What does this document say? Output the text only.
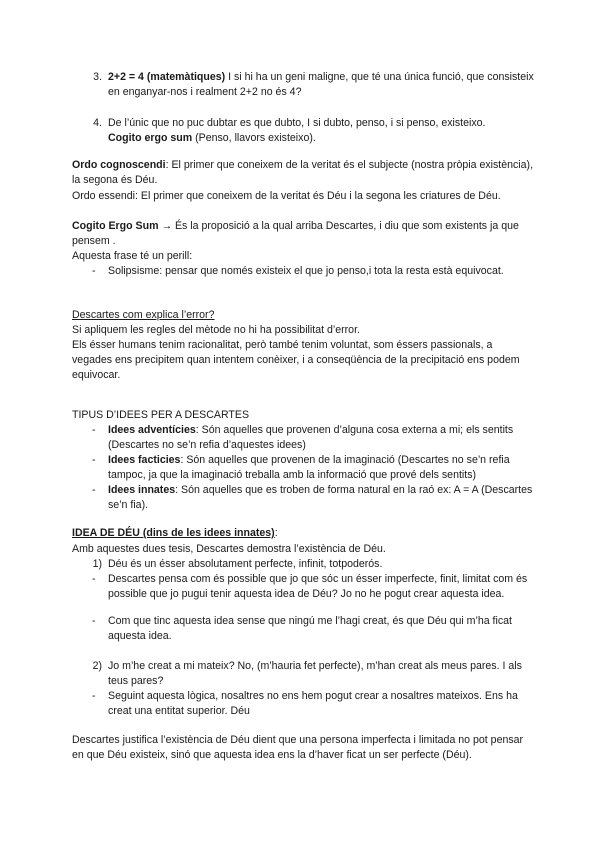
3. 2+2 = 4 (matemàtiques) I si hi ha un geni maligne, que té una única funció, que consisteix en enganyar-nos i realment 2+2 no és 4?
4. De l’únic que no puc dubtar es que dubto, I si dubto, penso, i si penso, existeixo.
Cogito ergo sum (Penso, llavors existeixo).
Ordo cognoscendi: El primer que coneixem de la veritat és el subjecte (nostra pròpia existència), la segona és Déu.
Ordo essendi: El primer que coneixem de la veritat és Déu i la segona les criatures de Déu.
Cogito Ergo Sum → És la proposició a la qual arriba Descartes, i diu que som existents ja que pensem .
Aquesta frase té un perill:
- Solipsisme: pensar que només existeix el que jo penso,i tota la resta està equivocat.
Descartes com explica l’error?
Si apliquem les regles del mètode no hi ha possibilitat d’error.
Els ésser humans tenim racionalitat, però també tenim voluntat, som éssers passionals, a vegades ens precipitem quan intentem conèixer, i a conseqüència de la precipitació ens podem equivocar.
TIPUS D’IDEES PER A DESCARTES
- Idees adventícies: Són aquelles que provenen d’alguna cosa externa a mi; els sentits (Descartes no se’n refia d’aquestes idees)
- Idees facticies: Són aquelles que provenen de la imaginació (Descartes no se’n refia tampoc, ja que la imaginació treballa amb la informació que prové dels sentits)
- Idees innates: Són aquelles que es troben de forma natural en la raó ex: A = A (Descartes se’n fia).
IDEA DE DÉU (dins de les idees innates):
Amb aquestes dues tesis, Descartes demostra l’existència de Déu.
1) Déu és un ésser absolutament perfecte, infinit, totpoderós.
- Descartes pensa com és possible que jo que sóc un ésser imperfecte, finit, limitat com és possible que jo pugui tenir aquesta idea de Déu? Jo no he pogut crear aquesta idea.
- Com que tinc aquesta idea sense que ningú me l’hagi creat, és que Déu qui m’ha ficat aquesta idea.
2) Jo m’he creat a mi mateix? No, (m’hauria fet perfecte), m’han creat als meus pares. I als teus pares?
- Seguint aquesta lògica, nosaltres no ens hem pogut crear a nosaltres mateixos. Ens ha creat una entitat superior. Déu
Descartes justifica l’existència de Déu dient que una persona imperfecta i limitada no pot pensar en que Déu existeix, sinó que aquesta idea ens la d’haver ficat un ser perfecte (Déu).
